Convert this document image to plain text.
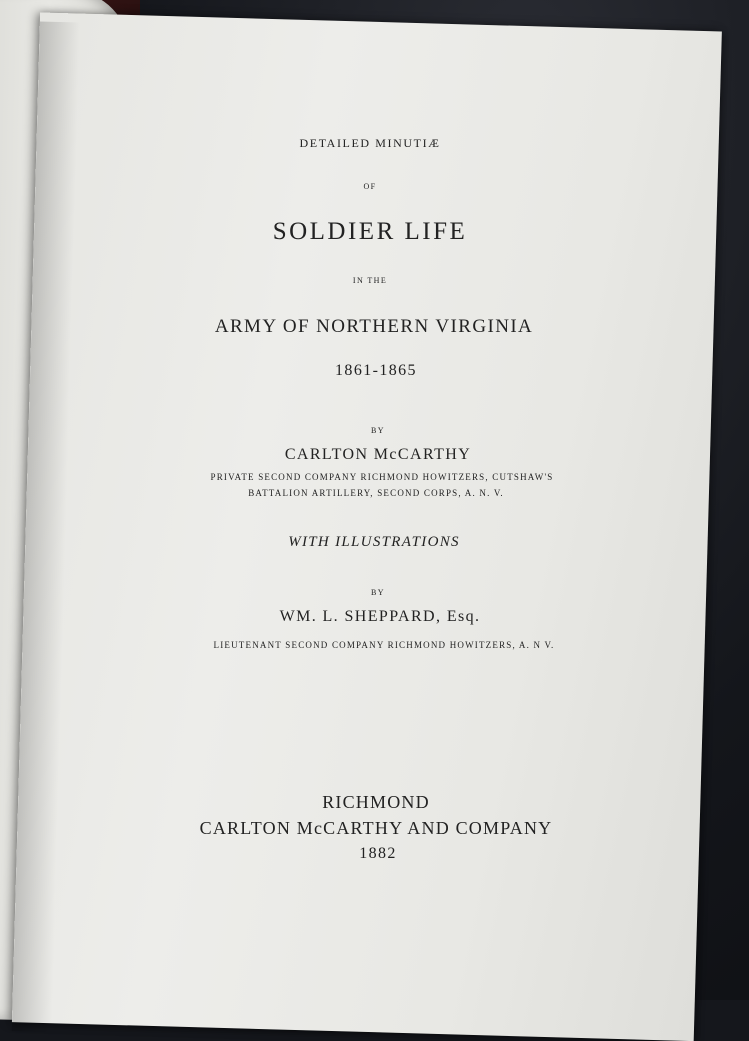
DETAILED MINUTIÆ
OF
SOLDIER LIFE
IN THE
ARMY OF NORTHERN VIRGINIA
1861-1865
BY
CARLTON McCARTHY
PRIVATE SECOND COMPANY RICHMOND HOWITZERS, CUTSHAW'S
BATTALION ARTILLERY, SECOND CORPS, A. N. V.
WITH ILLUSTRATIONS
BY
WM. L. SHEPPARD, Esq.
LIEUTENANT SECOND COMPANY RICHMOND HOWITZERS, A. N V.
RICHMOND
CARLTON McCARTHY AND COMPANY
1882
